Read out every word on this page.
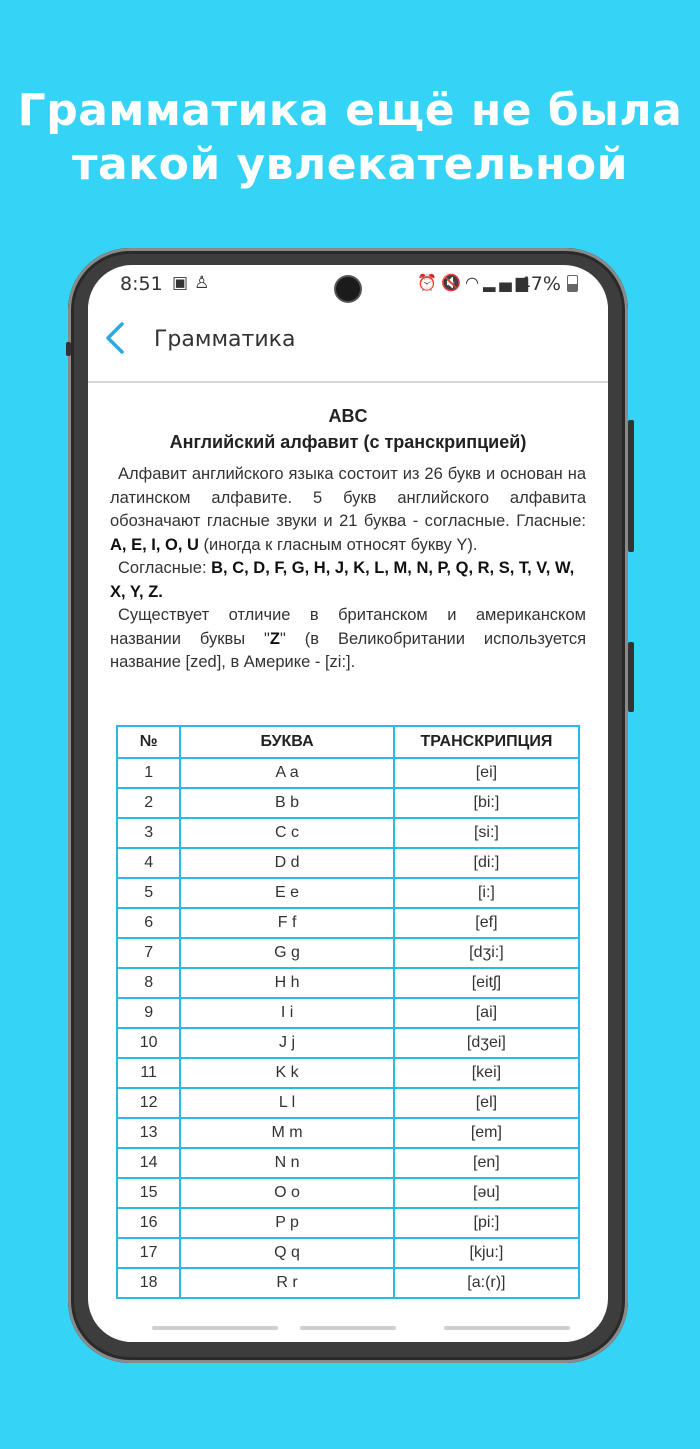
Грамматика ещё не была
такой увлекательной
8:51 ▣♙	⏰🔇◠▂▄▆
47%
Грамматика
ABC
Английский алфавит (с транскрипцией)

Алфавит английского языка состоит из 26 букв и основан на латинском алфавите. 5 букв английского алфавита обозначают гласные звуки и 21 буква - согласные. Гласные: A, E, I, O, U (иногда к гласным относят букву Y).

Согласные: B, C, D, F, G, H, J, K, L, M, N, P, Q, R, S, T, V, W, X, Y, Z.

Существует отличие в британском и американском названии буквы "Z" (в Великобритании используется название [zed], в Америке - [zi:].

№	БУКВА	ТРАНСКРИПЦИЯ
1	A a	[ei]
2	B b	[bi:]
3	C c	[si:]
4	D d	[di:]
5	E e	[i:]
6	F f	[ef]
7	G g	[dʒi:]
8	H h	[eitʃ]
9	I i	[ai]
10	J j	[dʒei]
11	K k	[kei]
12	L l	[el]
13	M m	[em]
14	N n	[en]
15	O o	[əu]
16	P p	[pi:]
17	Q q	[kju:]
18	R r	[a:(r)]
